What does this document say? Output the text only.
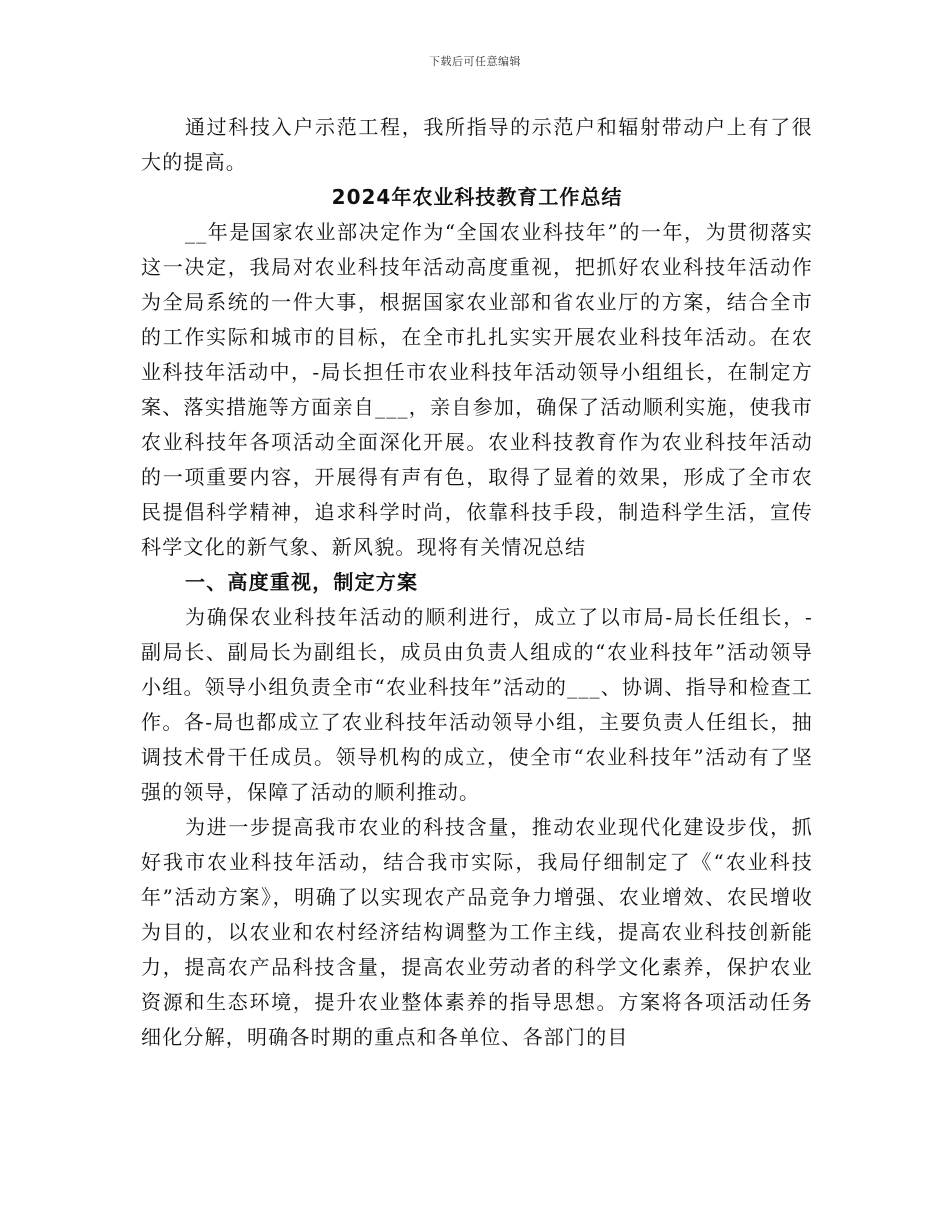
下载后可任意编辑

通过科技入户示范工程，我所指导的示范户和辐射带动户上有了很大的提高。

2024年农业科技教育工作总结

__年是国家农业部决定作为“全国农业科技年”的一年，为贯彻落实这一决定，我局对农业科技年活动高度重视，把抓好农业科技年活动作为全局系统的一件大事，根据国家农业部和省农业厅的方案，结合全市的工作实际和城市的目标，在全市扎扎实实开展农业科技年活动。在农业科技年活动中，-局长担任市农业科技年活动领导小组组长，在制定方案、落实措施等方面亲自___，亲自参加，确保了活动顺利实施，使我市农业科技年各项活动全面深化开展。农业科技教育作为农业科技年活动的一项重要内容，开展得有声有色，取得了显着的效果，形成了全市农民提倡科学精神，追求科学时尚，依靠科技手段，制造科学生活，宣传科学文化的新气象、新风貌。现将有关情况总结

一、高度重视，制定方案

为确保农业科技年活动的顺利进行，成立了以市局-局长任组长，-副局长、副局长为副组长，成员由负责人组成的“农业科技年”活动领导小组。领导小组负责全市“农业科技年”活动的___、协调、指导和检查工作。各-局也都成立了农业科技年活动领导小组，主要负责人任组长，抽调技术骨干任成员。领导机构的成立，使全市“农业科技年”活动有了坚强的领导，保障了活动的顺利推动。

为进一步提高我市农业的科技含量，推动农业现代化建设步伐，抓好我市农业科技年活动，结合我市实际，我局仔细制定了《“农业科技年”活动方案》，明确了以实现农产品竞争力增强、农业增效、农民增收为目的，以农业和农村经济结构调整为工作主线，提高农业科技创新能力，提高农产品科技含量，提高农业劳动者的科学文化素养，保护农业资源和生态环境，提升农业整体素养的指导思想。方案将各项活动任务细化分解，明确各时期的重点和各单位、各部门的目
